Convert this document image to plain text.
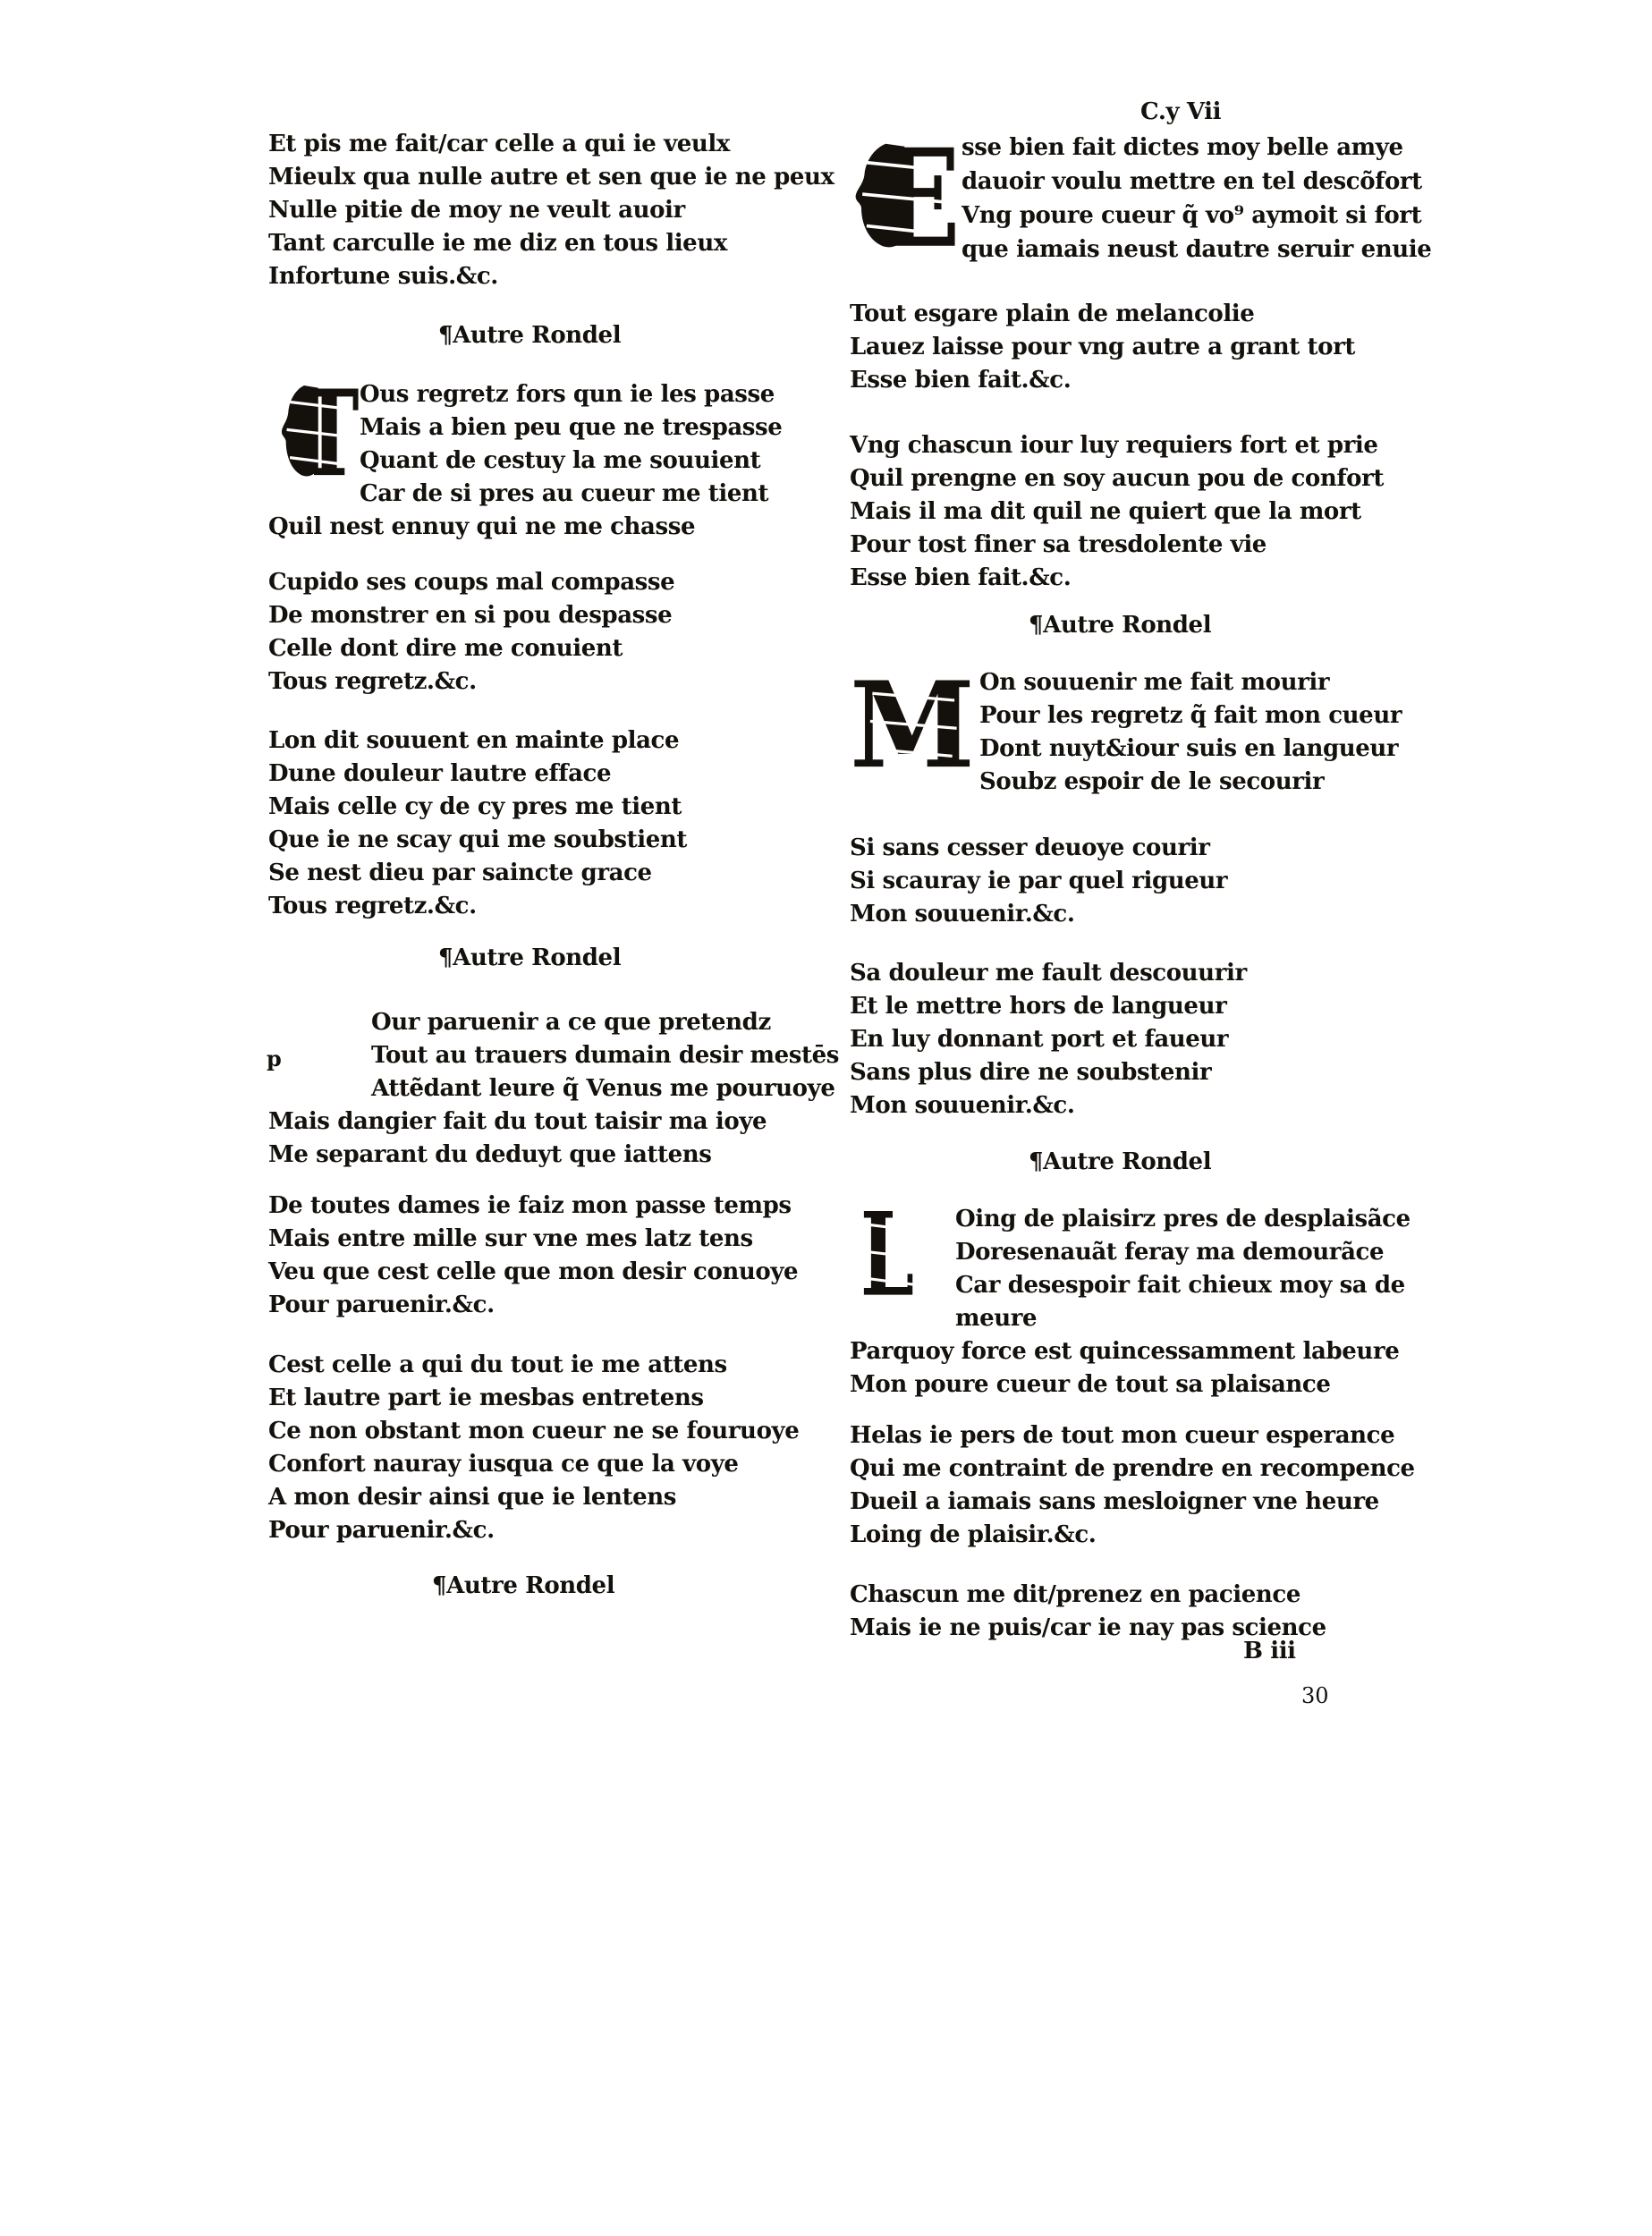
C.y Vii
B iii
30
Et pis me fait/car celle a qui ie veulx
Mieulx qua nulle autre et sen que ie ne peux
Nulle pitie de moy ne veult auoir
Tant carculle ie me diz en tous lieux
Infortune suis.&c.
¶Autre Rondel
Ous regretz fors qun ie les passe
Mais a bien peu que ne trespasse
Quant de cestuy la me souuient
Car de si pres au cueur me tient
Quil nest ennuy qui ne me chasse
T
Cupido ses coups mal compasse
De monstrer en si pou despasse
Celle dont dire me conuient
Tous regretz.&c.
Lon dit souuent en mainte place
Dune douleur lautre efface
Mais celle cy de cy pres me tient
Que ie ne scay qui me soubstient
Se nest dieu par saincte grace
Tous regretz.&c.
¶Autre Rondel
Our paruenir a ce que pretendz
Tout au trauers dumain desir mestēs
Attẽdant leure q̃ Venus me pouruoye
Mais dangier fait du tout taisir ma ioye
Me separant du deduyt que iattens
p
De toutes dames ie faiz mon passe temps
Mais entre mille sur vne mes latz tens
Veu que cest celle que mon desir conuoye
Pour paruenir.&c.
Cest celle a qui du tout ie me attens
Et lautre part ie mesbas entretens
Ce non obstant mon cueur ne se fouruoye
Confort nauray iusqua ce que la voye
A mon desir ainsi que ie lentens
Pour paruenir.&c.
¶Autre Rondel
sse bien fait dictes moy belle amye
dauoir voulu mettre en tel descõfort
Vng poure cueur q̃ vo⁹ aymoit si fort
que iamais neust dautre seruir enuie
E
Tout esgare plain de melancolie
Lauez laisse pour vng autre a grant tort
Esse bien fait.&c.
Vng chascun iour luy requiers fort et prie
Quil prengne en soy aucun pou de confort
Mais il ma dit quil ne quiert que la mort
Pour tost finer sa tresdolente vie
Esse bien fait.&c.
¶Autre Rondel
On souuenir me fait mourir
Pour les regretz q̃ fait mon cueur
Dont nuyt&iour suis en langueur
Soubz espoir de le secourir
M
Si sans cesser deuoye courir
Si scauray ie par quel rigueur
Mon souuenir.&c.
Sa douleur me fault descouurir
Et le mettre hors de langueur
En luy donnant port et faueur
Sans plus dire ne soubstenir
Mon souuenir.&c.
¶Autre Rondel
Oing de plaisirz pres de desplaisãce
Doresenauãt feray ma demourãce
Car desespoir fait chieux moy sa de
meure
Parquoy force est quincessamment labeure
Mon poure cueur de tout sa plaisance
L
Helas ie pers de tout mon cueur esperance
Qui me contraint de prendre en recompence
Dueil a iamais sans mesloigner vne heure
Loing de plaisir.&c.
Chascun me dit/prenez en pacience
Mais ie ne puis/car ie nay pas science
